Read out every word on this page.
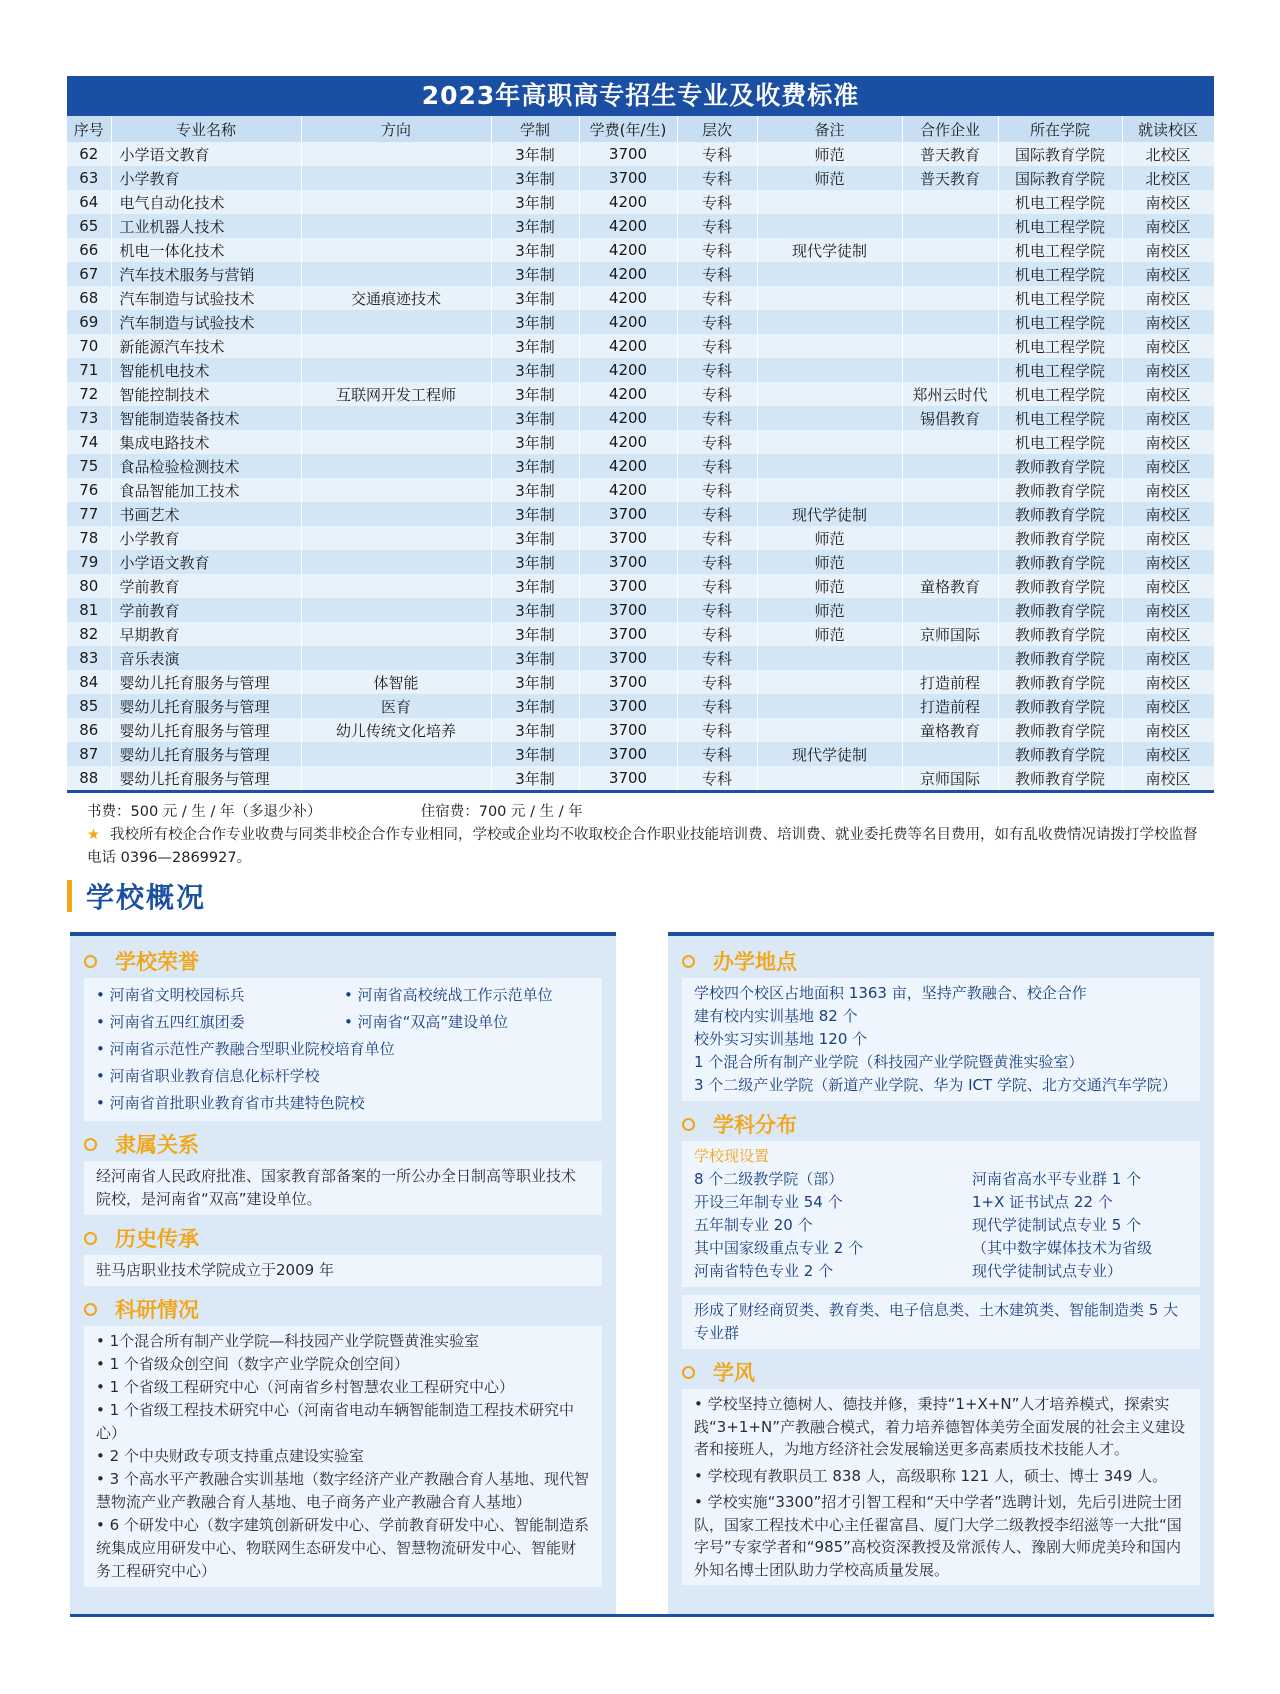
2023年高职高专招生专业及收费标准
序号	专业名称	方向	学制	学费(年/生)	层次	备注	合作企业	所在学院	就读校区
62	小学语文教育		3年制	3700	专科	师范	普天教育	国际教育学院	北校区
63	小学教育		3年制	3700	专科	师范	普天教育	国际教育学院	北校区
64	电气自动化技术		3年制	4200	专科			机电工程学院	南校区
65	工业机器人技术		3年制	4200	专科			机电工程学院	南校区
66	机电一体化技术		3年制	4200	专科	现代学徒制		机电工程学院	南校区
67	汽车技术服务与营销		3年制	4200	专科			机电工程学院	南校区
68	汽车制造与试验技术	交通痕迹技术	3年制	4200	专科			机电工程学院	南校区
69	汽车制造与试验技术		3年制	4200	专科			机电工程学院	南校区
70	新能源汽车技术		3年制	4200	专科			机电工程学院	南校区
71	智能机电技术		3年制	4200	专科			机电工程学院	南校区
72	智能控制技术	互联网开发工程师	3年制	4200	专科		郑州云时代	机电工程学院	南校区
73	智能制造装备技术		3年制	4200	专科		锡倡教育	机电工程学院	南校区
74	集成电路技术		3年制	4200	专科			机电工程学院	南校区
75	食品检验检测技术		3年制	4200	专科			教师教育学院	南校区
76	食品智能加工技术		3年制	4200	专科			教师教育学院	南校区
77	书画艺术		3年制	3700	专科	现代学徒制		教师教育学院	南校区
78	小学教育		3年制	3700	专科	师范		教师教育学院	南校区
79	小学语文教育		3年制	3700	专科	师范		教师教育学院	南校区
80	学前教育		3年制	3700	专科	师范	童格教育	教师教育学院	南校区
81	学前教育		3年制	3700	专科	师范		教师教育学院	南校区
82	早期教育		3年制	3700	专科	师范	京师国际	教师教育学院	南校区
83	音乐表演		3年制	3700	专科			教师教育学院	南校区
84	婴幼儿托育服务与管理	体智能	3年制	3700	专科		打造前程	教师教育学院	南校区
85	婴幼儿托育服务与管理	医育	3年制	3700	专科		打造前程	教师教育学院	南校区
86	婴幼儿托育服务与管理	幼儿传统文化培养	3年制	3700	专科		童格教育	教师教育学院	南校区
87	婴幼儿托育服务与管理		3年制	3700	专科	现代学徒制		教师教育学院	南校区
88	婴幼儿托育服务与管理		3年制	3700	专科		京师国际	教师教育学院	南校区
书费：500 元 / 生 / 年（多退少补）	住宿费：700 元 / 生 / 年
★ 我校所有校企合作专业收费与同类非校企合作专业相同，学校或企业均不收取校企合作职业技能培训费、培训费、就业委托费等名目费用，如有乱收费情况请拨打学校监督电话 0396—2869927。
学校概况
学校荣誉
• 河南省文明校园标兵	• 河南省高校统战工作示范单位
• 河南省五四红旗团委	• 河南省“双高”建设单位
• 河南省示范性产教融合型职业院校培育单位
• 河南省职业教育信息化标杆学校
• 河南省首批职业教育省市共建特色院校
隶属关系
经河南省人民政府批准、国家教育部备案的一所公办全日制高等职业技术院校，是河南省“双高”建设单位。
历史传承
驻马店职业技术学院成立于2009 年
科研情况
• 1个混合所有制产业学院—科技园产业学院暨黄淮实验室
• 1 个省级众创空间（数字产业学院众创空间）
• 1 个省级工程研究中心（河南省乡村智慧农业工程研究中心）
• 1 个省级工程技术研究中心（河南省电动车辆智能制造工程技术研究中心）
• 2 个中央财政专项支持重点建设实验室
• 3 个高水平产教融合实训基地（数字经济产业产教融合育人基地、现代智慧物流产业产教融合育人基地、电子商务产业产教融合育人基地）
• 6 个研发中心（数字建筑创新研发中心、学前教育研发中心、智能制造系统集成应用研发中心、物联网生态研发中心、智慧物流研发中心、智能财务工程研究中心）
办学地点
学校四个校区占地面积 1363 亩，坚持产教融合、校企合作
建有校内实训基地 82 个
校外实习实训基地 120 个
1 个混合所有制产业学院（科技园产业学院暨黄淮实验室）
3 个二级产业学院（新道产业学院、华为 ICT 学院、北方交通汽车学院）
学科分布
学校现设置
8 个二级教学院（部）
开设三年制专业 54 个
五年制专业 20 个
其中国家级重点专业 2 个
河南省特色专业 2 个
河南省高水平专业群 1 个
1+X 证书试点 22 个
现代学徒制试点专业 5 个
（其中数字媒体技术为省级
现代学徒制试点专业）
形成了财经商贸类、教育类、电子信息类、土木建筑类、智能制造类 5 大专业群
学风
• 学校坚持立德树人、德技并修，秉持“1+X+N”人才培养模式，探索实践“3+1+N”产教融合模式，着力培养德智体美劳全面发展的社会主义建设者和接班人，为地方经济社会发展输送更多高素质技术技能人才。
• 学校现有教职员工 838 人，高级职称 121 人，硕士、博士 349 人。
• 学校实施“3300”招才引智工程和“天中学者”选聘计划，先后引进院士团队，国家工程技术中心主任翟富昌、厦门大学二级教授李绍滋等一大批“国字号”专家学者和“985”高校资深教授及常派传人、豫剧大师虎美玲和国内外知名博士团队助力学校高质量发展。
